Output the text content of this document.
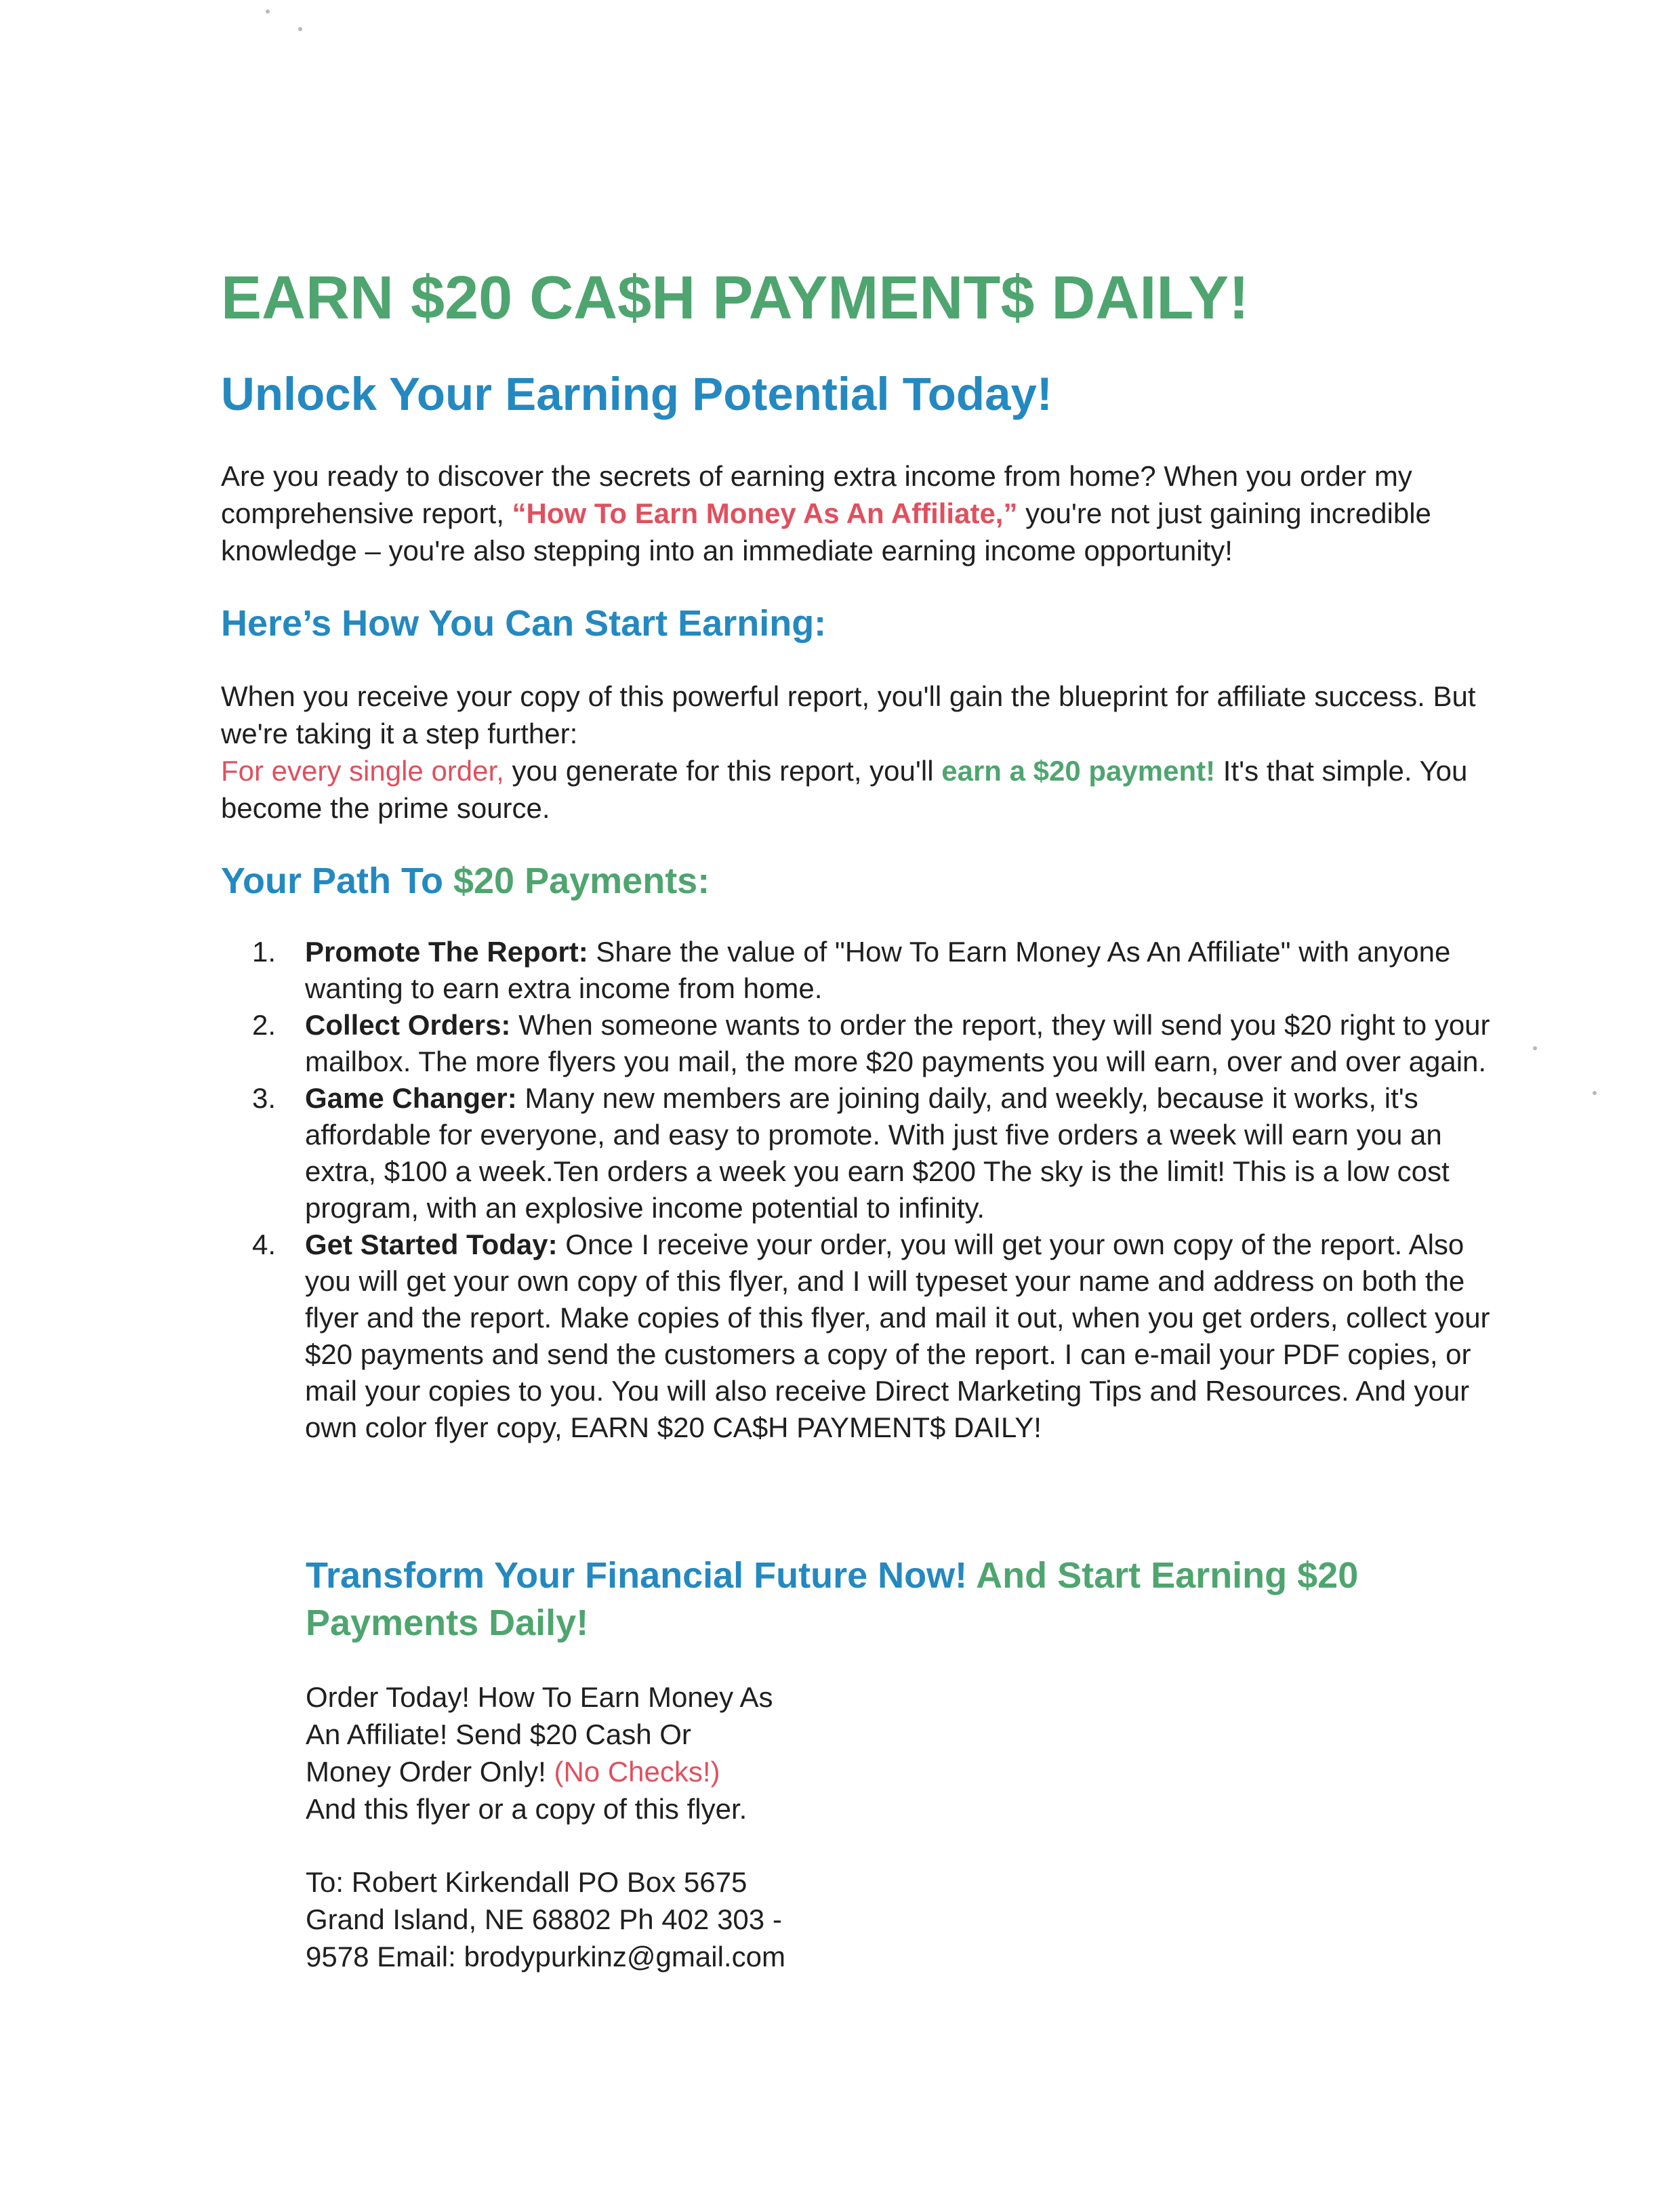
EARN $20 CA$H PAYMENT$ DAILY!
Unlock Your Earning Potential Today!

Are you ready to discover the secrets of earning extra income from home? When you order my comprehensive report, “How To Earn Money As An Affiliate,” you're not just gaining incredible knowledge – you're also stepping into an immediate earning income opportunity!

Here’s How You Can Start Earning:
When you receive your copy of this powerful report, you'll gain the blueprint for affiliate success. But we're taking it a step further:
For every single order, you generate for this report, you'll earn a $20 payment! It's that simple. You become the prime source.
Your Path To $20 Payments:
1. Promote The Report: Share the value of "How To Earn Money As An Affiliate" with anyone wanting to earn extra income from home.
2. Collect Orders: When someone wants to order the report, they will send you $20 right to your mailbox. The more flyers you mail, the more $20 payments you will earn, over and over again.
3. Game Changer: Many new members are joining daily, and weekly, because it works, it's affordable for everyone, and easy to promote. With just five orders a week will earn you an extra, $100 a week.Ten orders a week you earn $200 The sky is the limit! This is a low cost program, with an explosive income potential to infinity.
4. Get Started Today: Once I receive your order, you will get your own copy of the report. Also you will get your own copy of this flyer, and I will typeset your name and address on both the flyer and the report. Make copies of this flyer, and mail it out, when you get orders, collect your $20 payments and send the customers a copy of the report. I can e-mail your PDF copies, or mail your copies to you. You will also receive Direct Marketing Tips and Resources. And your own color flyer copy, EARN $20 CA$H PAYMENT$ DAILY!
Transform Your Financial Future Now! And Start Earning $20 Payments Daily!
Order Today! How To Earn Money As
An Affiliate! Send $20 Cash Or
Money Order Only! (No Checks!)
And this flyer or a copy of this flyer.
To: Robert Kirkendall PO Box 5675
Grand Island, NE 68802 Ph 402 303 -
9578 Email: brodypurkinz@gmail.com
